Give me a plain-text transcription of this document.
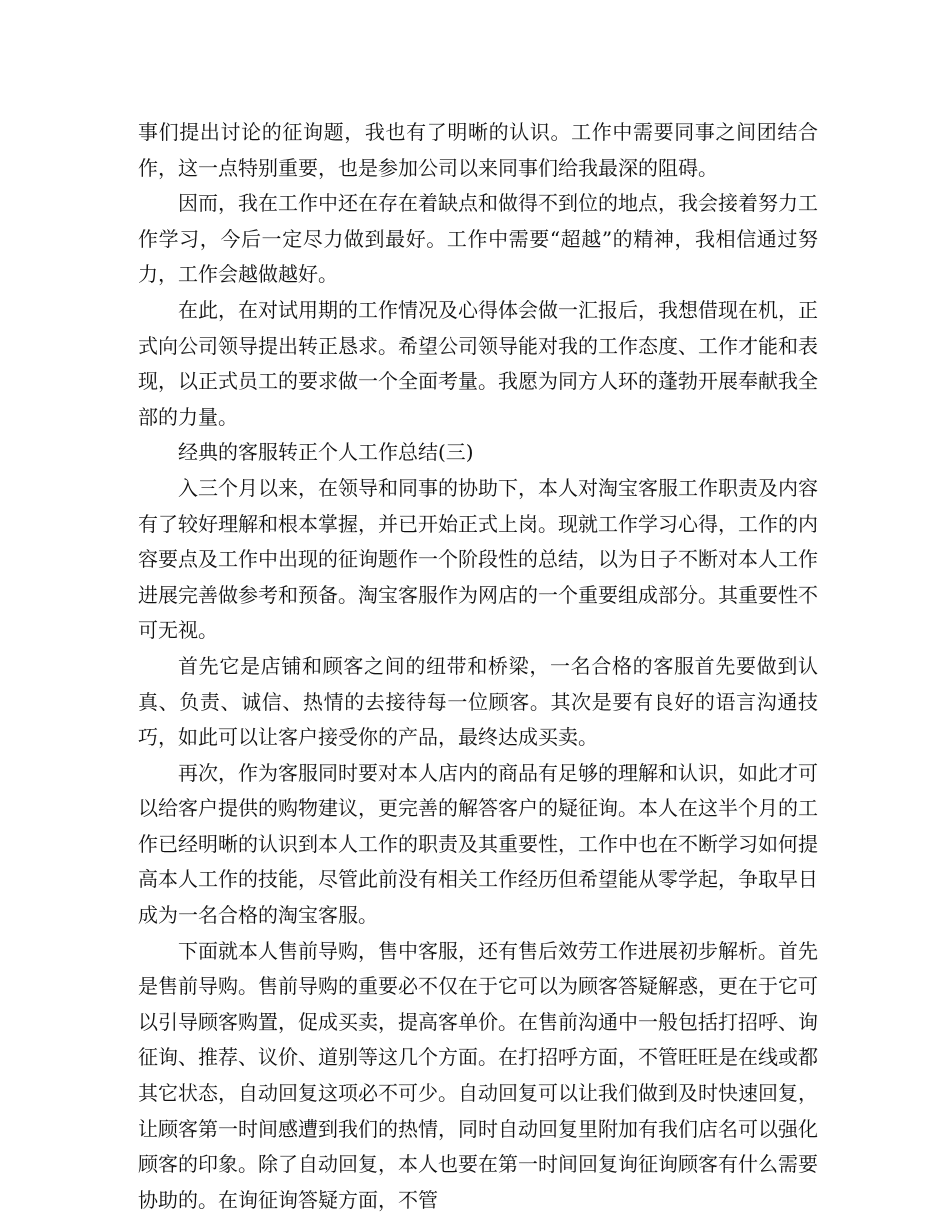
事们提出讨论的征询题，我也有了明晰的认识。工作中需要同事之间团结合作，这一点特别重要，也是参加公司以来同事们给我最深的阻碍。

因而，我在工作中还在存在着缺点和做得不到位的地点，我会接着努力工作学习，今后一定尽力做到最好。工作中需要“超越”的精神，我相信通过努力，工作会越做越好。

在此，在对试用期的工作情况及心得体会做一汇报后，我想借现在机，正式向公司领导提出转正恳求。希望公司领导能对我的工作态度、工作才能和表现，以正式员工的要求做一个全面考量。我愿为同方人环的蓬勃开展奉献我全部的力量。

经典的客服转正个人工作总结(三)

入三个月以来，在领导和同事的协助下，本人对淘宝客服工作职责及内容有了较好理解和根本掌握，并已开始正式上岗。现就工作学习心得，工作的内容要点及工作中出现的征询题作一个阶段性的总结，以为日子不断对本人工作进展完善做参考和预备。淘宝客服作为网店的一个重要组成部分。其重要性不可无视。

首先它是店铺和顾客之间的纽带和桥梁，一名合格的客服首先要做到认真、负责、诚信、热情的去接待每一位顾客。其次是要有良好的语言沟通技巧，如此可以让客户接受你的产品，最终达成买卖。

再次，作为客服同时要对本人店内的商品有足够的理解和认识，如此才可以给客户提供的购物建议，更完善的解答客户的疑征询。本人在这半个月的工作已经明晰的认识到本人工作的职责及其重要性，工作中也在不断学习如何提高本人工作的技能，尽管此前没有相关工作经历但希望能从零学起，争取早日成为一名合格的淘宝客服。

下面就本人售前导购，售中客服，还有售后效劳工作进展初步解析。首先是售前导购。售前导购的重要必不仅在于它可以为顾客答疑解惑，更在于它可以引导顾客购置，促成买卖，提高客单价。在售前沟通中一般包括打招呼、询征询、推荐、议价、道别等这几个方面。在打招呼方面，不管旺旺是在线或都其它状态，自动回复这项必不可少。自动回复可以让我们做到及时快速回复，让顾客第一时间感遭到我们的热情，同时自动回复里附加有我们店名可以强化顾客的印象。除了自动回复，本人也要在第一时间回复询征询顾客有什么需要协助的。在询征询答疑方面，不管
